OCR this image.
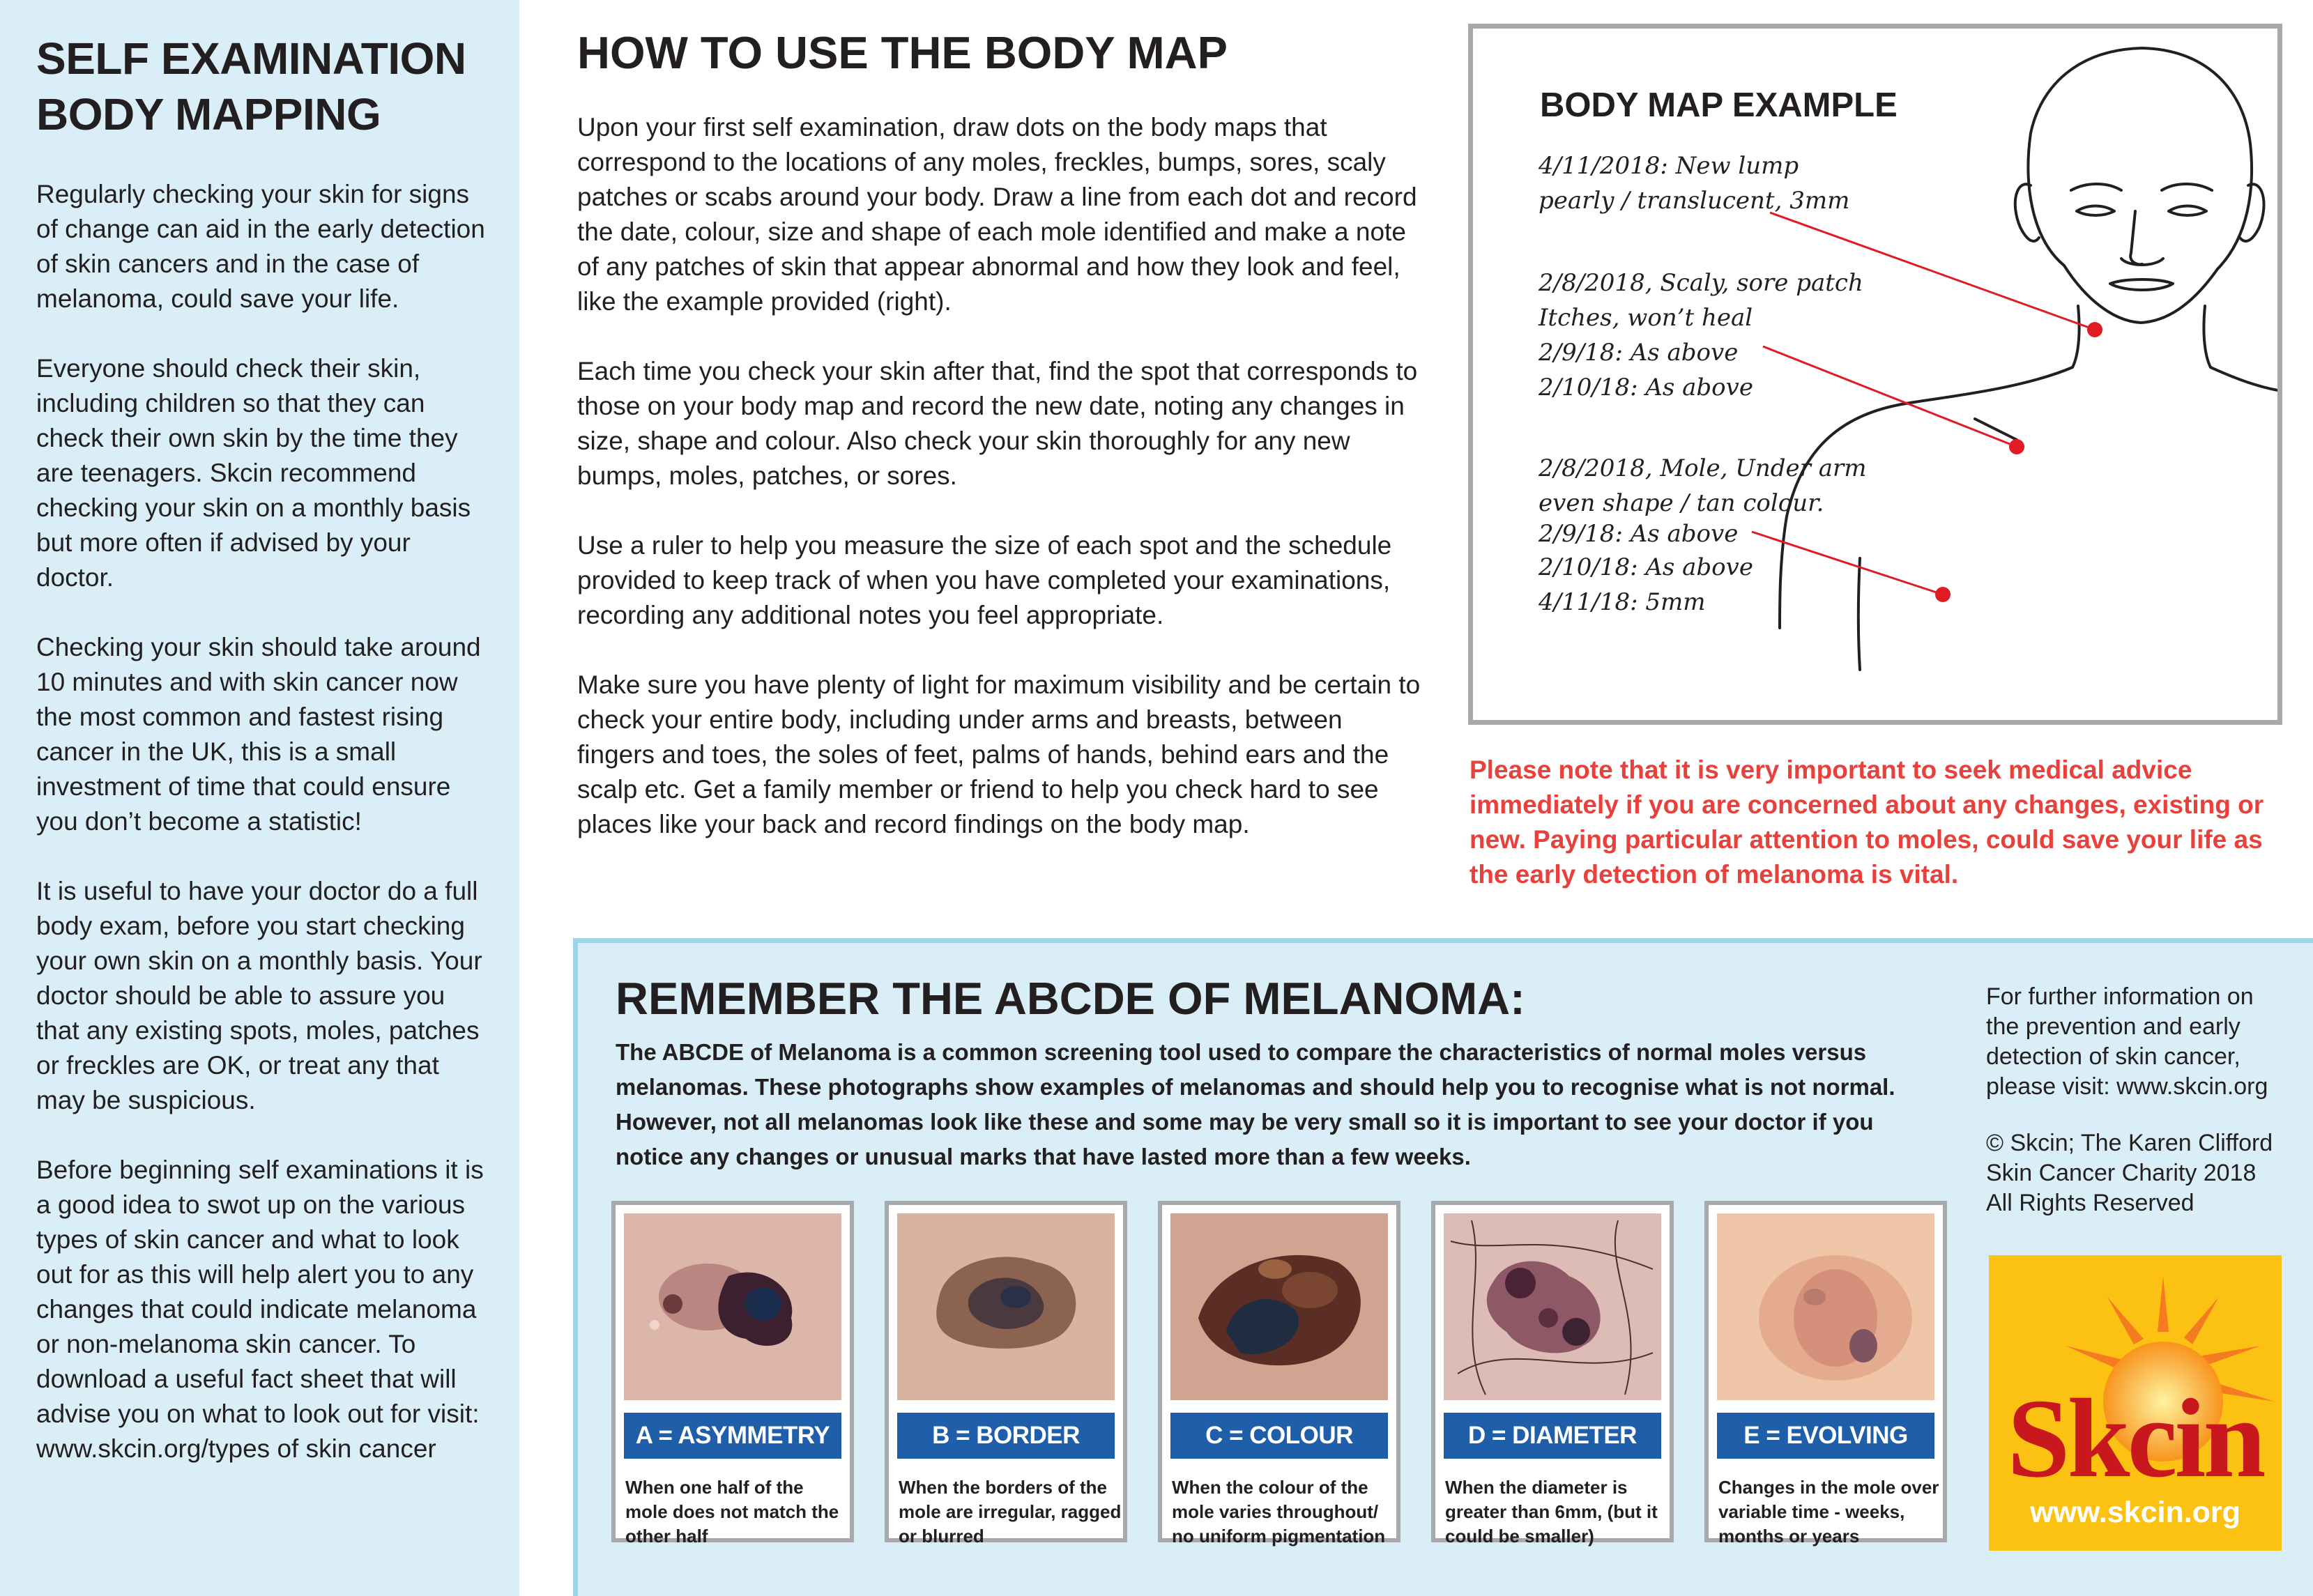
SELF EXAMINATION
BODY MAPPING

Regularly checking your skin for signs of change can aid in the early detection of skin cancers and in the case of melanoma, could save your life.

Everyone should check their skin, including children so that they can check their own skin by the time they are teenagers. Skcin recommend checking your skin on a monthly basis but more often if advised by your doctor.

Checking your skin should take around 10 minutes and with skin cancer now the most common and fastest rising cancer in the UK, this is a small investment of time that could ensure you don’t become a statistic!

It is useful to have your doctor do a full body exam, before you start checking your own skin on a monthly basis. Your doctor should be able to assure you that any existing spots, moles, patches or freckles are OK, or treat any that may be suspicious.

Before beginning self examinations it is a good idea to swot up on the various types of skin cancer and what to look out for as this will help alert you to any changes that could indicate melanoma or non-melanoma skin cancer. To download a useful fact sheet that will advise you on what to look out for visit: www.skcin.org/types of skin cancer

HOW TO USE THE BODY MAP

Upon your first self examination, draw dots on the body maps that correspond to the locations of any moles, freckles, bumps, sores, scaly patches or scabs around your body. Draw a line from each dot and record the date, colour, size and shape of each mole identified and make a note of any patches of skin that appear abnormal and how they look and feel, like the example provided (right).

Each time you check your skin after that, find the spot that corresponds to those on your body map and record the new date, noting any changes in size, shape and colour. Also check your skin thoroughly for any new bumps, moles, patches, or sores.

Use a ruler to help you measure the size of each spot and the schedule provided to keep track of when you have completed your examinations, recording any additional notes you feel appropriate.

Make sure you have plenty of light for maximum visibility and be certain to check your entire body, including under arms and breasts, between fingers and toes, the soles of feet, palms of hands, behind ears and the scalp etc. Get a family member or friend to help you check hard to see places like your back and record findings on the body map.

BODY MAP EXAMPLE
4/11/2018: New lump
pearly / translucent, 3mm
2/8/2018, Scaly, sore patch
Itches, won’t heal
2/9/18: As above
2/10/18: As above
2/8/2018, Mole, Under arm
even shape / tan colour.
2/9/18: As above
2/10/18: As above
4/11/18: 5mm

Please note that it is very important to seek medical advice immediately if you are concerned about any changes, existing or new. Paying particular attention to moles, could save your life as the early detection of melanoma is vital.

REMEMBER THE ABCDE OF MELANOMA:

The ABCDE of Melanoma is a common screening tool used to compare the characteristics of normal moles versus melanomas. These photographs show examples of melanomas and should help you to recognise what is not normal. However, not all melanomas look like these and some may be very small so it is important to see your doctor if you notice any changes or unusual marks that have lasted more than a few weeks.

A = ASYMMETRY
When one half of the mole does not match the other half
B = BORDER
When the borders of the mole are irregular, ragged or blurred
C = COLOUR
When the colour of the mole varies throughout/ no uniform pigmentation
D = DIAMETER
When the diameter is greater than 6mm, (but it could be smaller)
E = EVOLVING
Changes in the mole over variable time - weeks, months or years

For further information on the prevention and early detection of skin cancer, please visit: www.skcin.org

© Skcin; The Karen Clifford Skin Cancer Charity 2018 All Rights Reserved

Skcin
www.skcin.org
